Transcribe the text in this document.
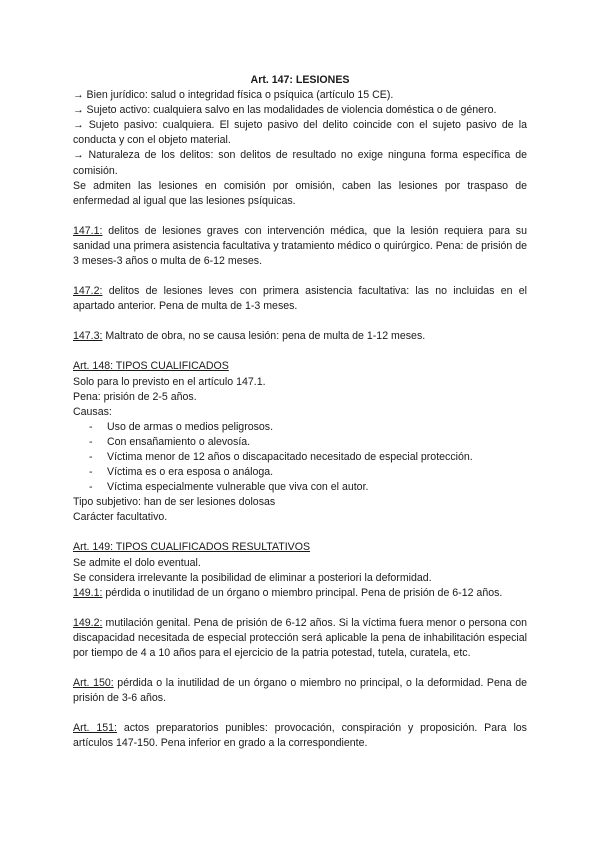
Art. 147: LESIONES

→ Bien jurídico: salud o integridad física o psíquica (artículo 15 CE).

→ Sujeto activo: cualquiera salvo en las modalidades de violencia doméstica o de género.

→ Sujeto pasivo: cualquiera. El sujeto pasivo del delito coincide con el sujeto pasivo de la conducta y con el objeto material.

→ Naturaleza de los delitos: son delitos de resultado no exige ninguna forma específica de comisión.

Se admiten las lesiones en comisión por omisión, caben las lesiones por traspaso de enfermedad al igual que las lesiones psíquicas.

147.1: delitos de lesiones graves con intervención médica, que la lesión requiera para su sanidad una primera asistencia facultativa y tratamiento médico o quirúrgico. Pena: de prisión de 3 meses-3 años o multa de 6-12 meses.

147.2: delitos de lesiones leves con primera asistencia facultativa: las no incluidas en el apartado anterior. Pena de multa de 1-3 meses.

147.3: Maltrato de obra, no se causa lesión: pena de multa de 1-12 meses.

Art. 148: TIPOS CUALIFICADOS

Solo para lo previsto en el artículo 147.1.

Pena: prisión de 2-5 años.

Causas:

- Uso de armas o medios peligrosos.
- Con ensañamiento o alevosía.
- Víctima menor de 12 años o discapacitado necesitado de especial protección.
- Víctima es o era esposa o análoga.
- Víctima especialmente vulnerable que viva con el autor.

Tipo subjetivo: han de ser lesiones dolosas

Carácter facultativo.

Art. 149: TIPOS CUALIFICADOS RESULTATIVOS

Se admite el dolo eventual.

Se considera irrelevante la posibilidad de eliminar a posteriori la deformidad.

149.1: pérdida o inutilidad de un órgano o miembro principal. Pena de prisión de 6-12 años.

149.2: mutilación genital. Pena de prisión de 6-12 años. Si la víctima fuera menor o persona con discapacidad necesitada de especial protección será aplicable la pena de inhabilitación especial por tiempo de 4 a 10 años para el ejercicio de la patria potestad, tutela, curatela, etc.

Art. 150: pérdida o la inutilidad de un órgano o miembro no principal, o la deformidad. Pena de prisión de 3-6 años.

Art. 151: actos preparatorios punibles: provocación, conspiración y proposición. Para los artículos 147-150. Pena inferior en grado a la correspondiente.
